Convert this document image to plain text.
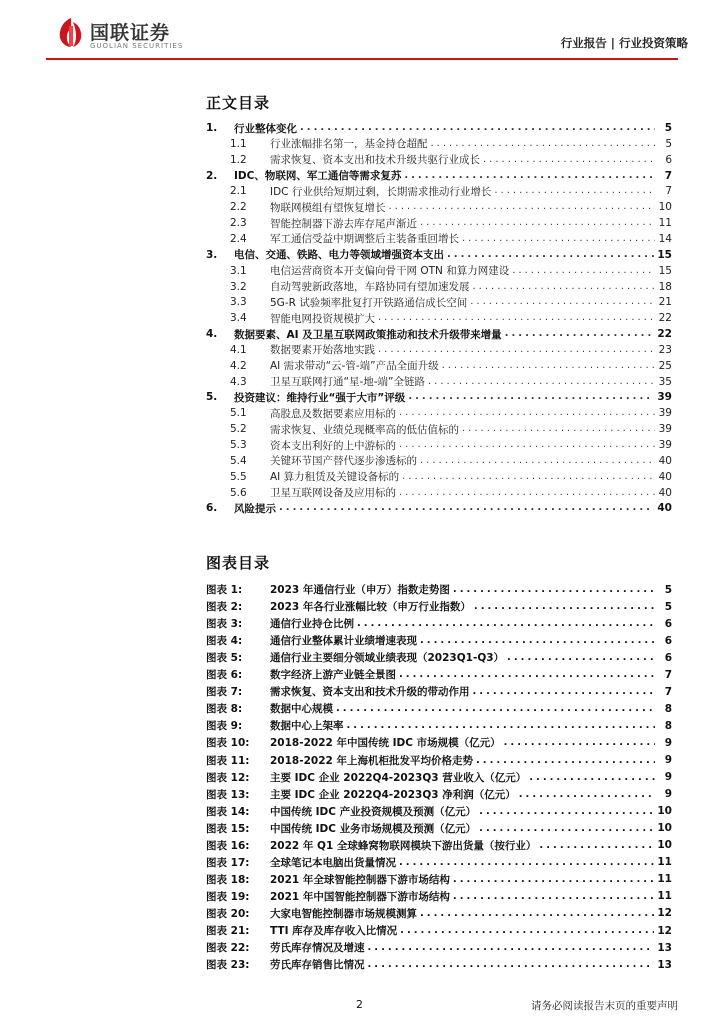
国联证券
GUOLIAN SECURITIES	行业报告 | 行业投资策略
正文目录
1.	行业整体变化 .....	5
1.1	行业涨幅排名第一，基金持仓超配 .....	5
1.2	需求恢复、资本支出和技术升级共驱行业成长 .....	6
2.	IDC、物联网、军工通信等需求复苏 .....	7
2.1	IDC 行业供给短期过剩，长期需求推动行业增长 .....	7
2.2	物联网模组有望恢复增长 .....	10
2.3	智能控制器下游去库存尾声渐近 .....	11
2.4	军工通信受益中期调整后主装备重回增长 .....	14
3.	电信、交通、铁路、电力等领域增强资本支出 .....	15
3.1	电信运营商资本开支偏向骨干网 OTN 和算力网建设 .....	15
3.2	自动驾驶新政落地，车路协同有望加速发展 .....	18
3.3	5G-R 试验频率批复打开铁路通信成长空间 .....	21
3.4	智能电网投资规模扩大 .....	22
4.	数据要素、AI 及卫星互联网政策推动和技术升级带来增量 .....	22
4.1	数据要素开始落地实践 .....	23
4.2	AI 需求带动“云-管-端”产品全面升级 .....	25
4.3	卫星互联网打通“星-地-端”全链路 .....	35
5.	投资建议：维持行业“强于大市”评级 .....	39
5.1	高股息及数据要素应用标的 .....	39
5.2	需求恢复、业绩兑现概率高的低估值标的 .....	39
5.3	资本支出利好的上中游标的 .....	39
5.4	关键环节国产替代逐步渗透标的 .....	40
5.5	AI 算力租赁及关键设备标的 .....	40
5.6	卫星互联网设备及应用标的 .....	40
6.	风险提示 .....	40
图表目录
图表 1:	2023 年通信行业（申万）指数走势图 .....	5
图表 2:	2023 年各行业涨幅比较（申万行业指数） .....	5
图表 3:	通信行业持仓比例 .....	6
图表 4:	通信行业整体累计业绩增速表现 .....	6
图表 5:	通信行业主要细分领域业绩表现（2023Q1-Q3） .....	6
图表 6:	数字经济上游产业链全景图 .....	7
图表 7:	需求恢复、资本支出和技术升级的带动作用 .....	7
图表 8:	数据中心规模 .....	8
图表 9:	数据中心上架率 .....	8
图表 10:	2018-2022 年中国传统 IDC 市场规模（亿元） .....	9
图表 11:	2018-2022 年上海机柜批发平均价格走势 .....	9
图表 12:	主要 IDC 企业 2022Q4-2023Q3 营业收入（亿元） .....	9
图表 13:	主要 IDC 企业 2022Q4-2023Q3 净利润（亿元） .....	9
图表 14:	中国传统 IDC 产业投资规模及预测（亿元） .....	10
图表 15:	中国传统 IDC 业务市场规模及预测（亿元） .....	10
图表 16:	2022 年 Q1 全球蜂窝物联网模块下游出货量（按行业） .....	10
图表 17:	全球笔记本电脑出货量情况 .....	11
图表 18:	2021 年全球智能控制器下游市场结构 .....	11
图表 19:	2021 年中国智能控制器下游市场结构 .....	11
图表 20:	大家电智能控制器市场规模测算 .....	12
图表 21:	TTI 库存及库存收入比情况 .....	12
图表 22:	劳氏库存情况及增速 .....	13
图表 23:	劳氏库存销售比情况 .....	13
2	请务必阅读报告末页的重要声明
